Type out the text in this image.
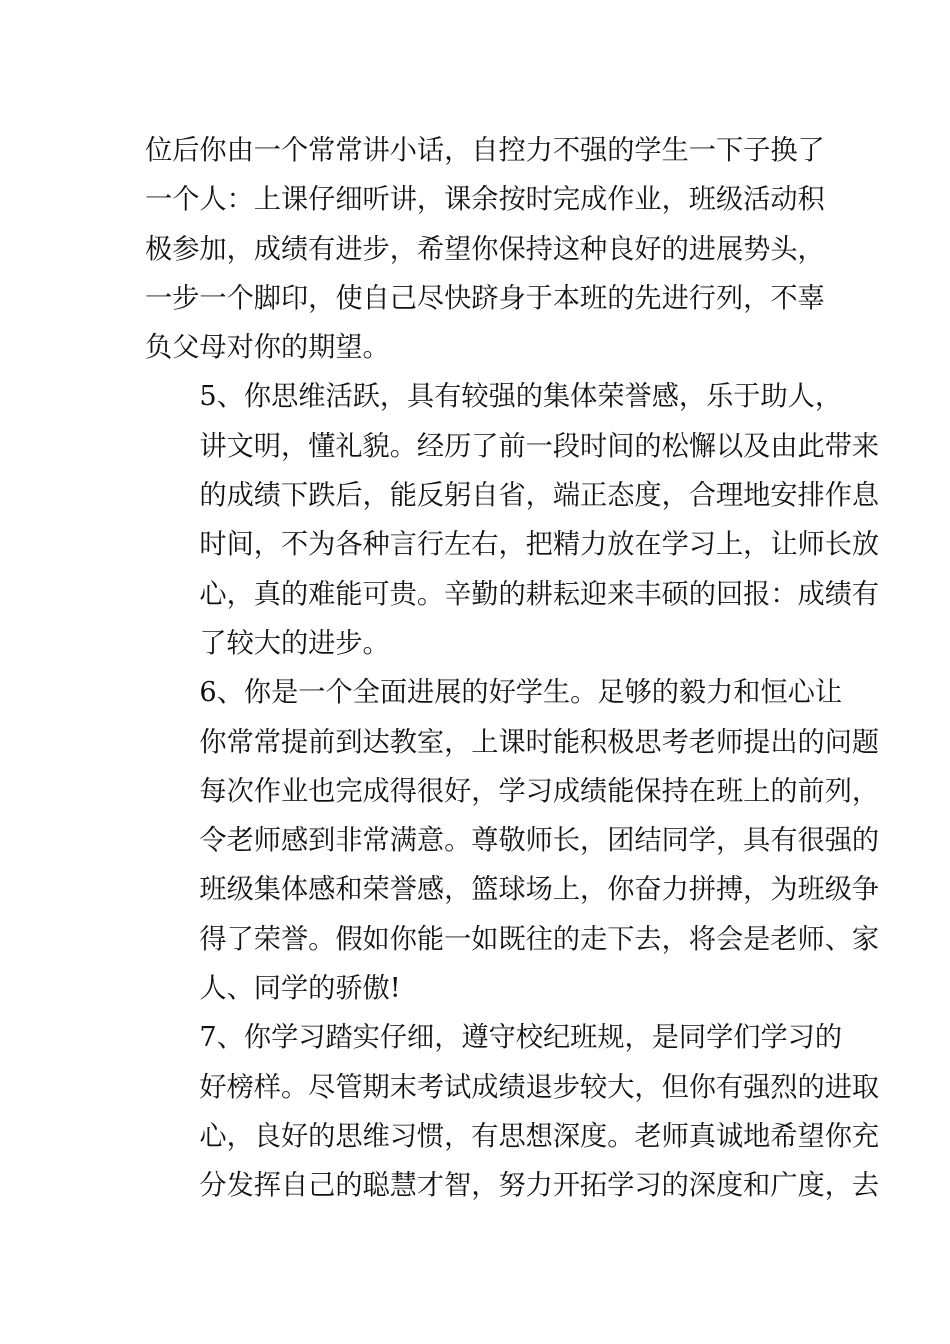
位后你由一个常常讲小话，自控力不强的学生一下子换了
一个人：上课仔细听讲，课余按时完成作业，班级活动积
极参加，成绩有进步，希望你保持这种良好的进展势头，
一步一个脚印，使自己尽快跻身于本班的先进行列，不辜
负父母对你的期望。
5、你思维活跃，具有较强的集体荣誉感，乐于助人，
讲文明，懂礼貌。经历了前一段时间的松懈以及由此带来
的成绩下跌后，能反躬自省，端正态度，合理地安排作息
时间，不为各种言行左右，把精力放在学习上，让师长放
心，真的难能可贵。辛勤的耕耘迎来丰硕的回报：成绩有
了较大的进步。
6、你是一个全面进展的好学生。足够的毅力和恒心让
你常常提前到达教室，上课时能积极思考老师提出的问题
每次作业也完成得很好，学习成绩能保持在班上的前列，
令老师感到非常满意。尊敬师长，团结同学，具有很强的
班级集体感和荣誉感，篮球场上，你奋力拼搏，为班级争
得了荣誉。假如你能一如既往的走下去，将会是老师、家
人、同学的骄傲!
7、你学习踏实仔细，遵守校纪班规，是同学们学习的
好榜样。尽管期末考试成绩退步较大，但你有强烈的进取
心，良好的思维习惯，有思想深度。老师真诚地希望你充
分发挥自己的聪慧才智，努力开拓学习的深度和广度，去
